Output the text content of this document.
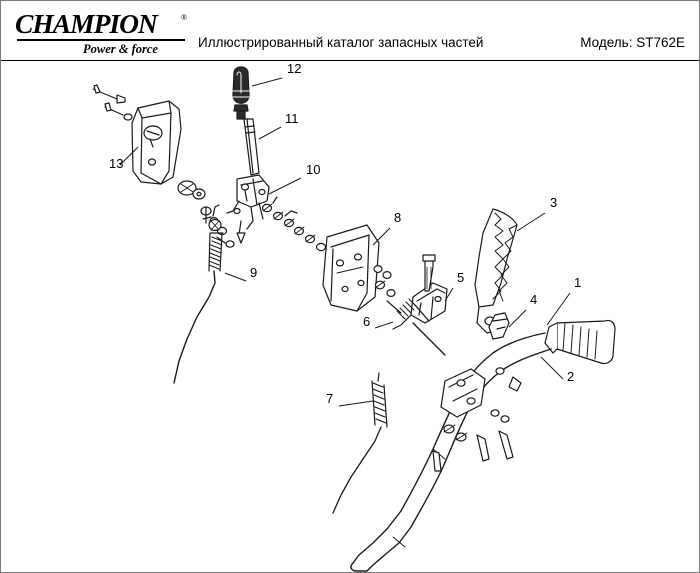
CHAMPION	®
Power & force	Иллюстрированный каталог запасных частей	Модель: ST762E
1
2
3
4
5
6
7
8
9
10
11
12
13
